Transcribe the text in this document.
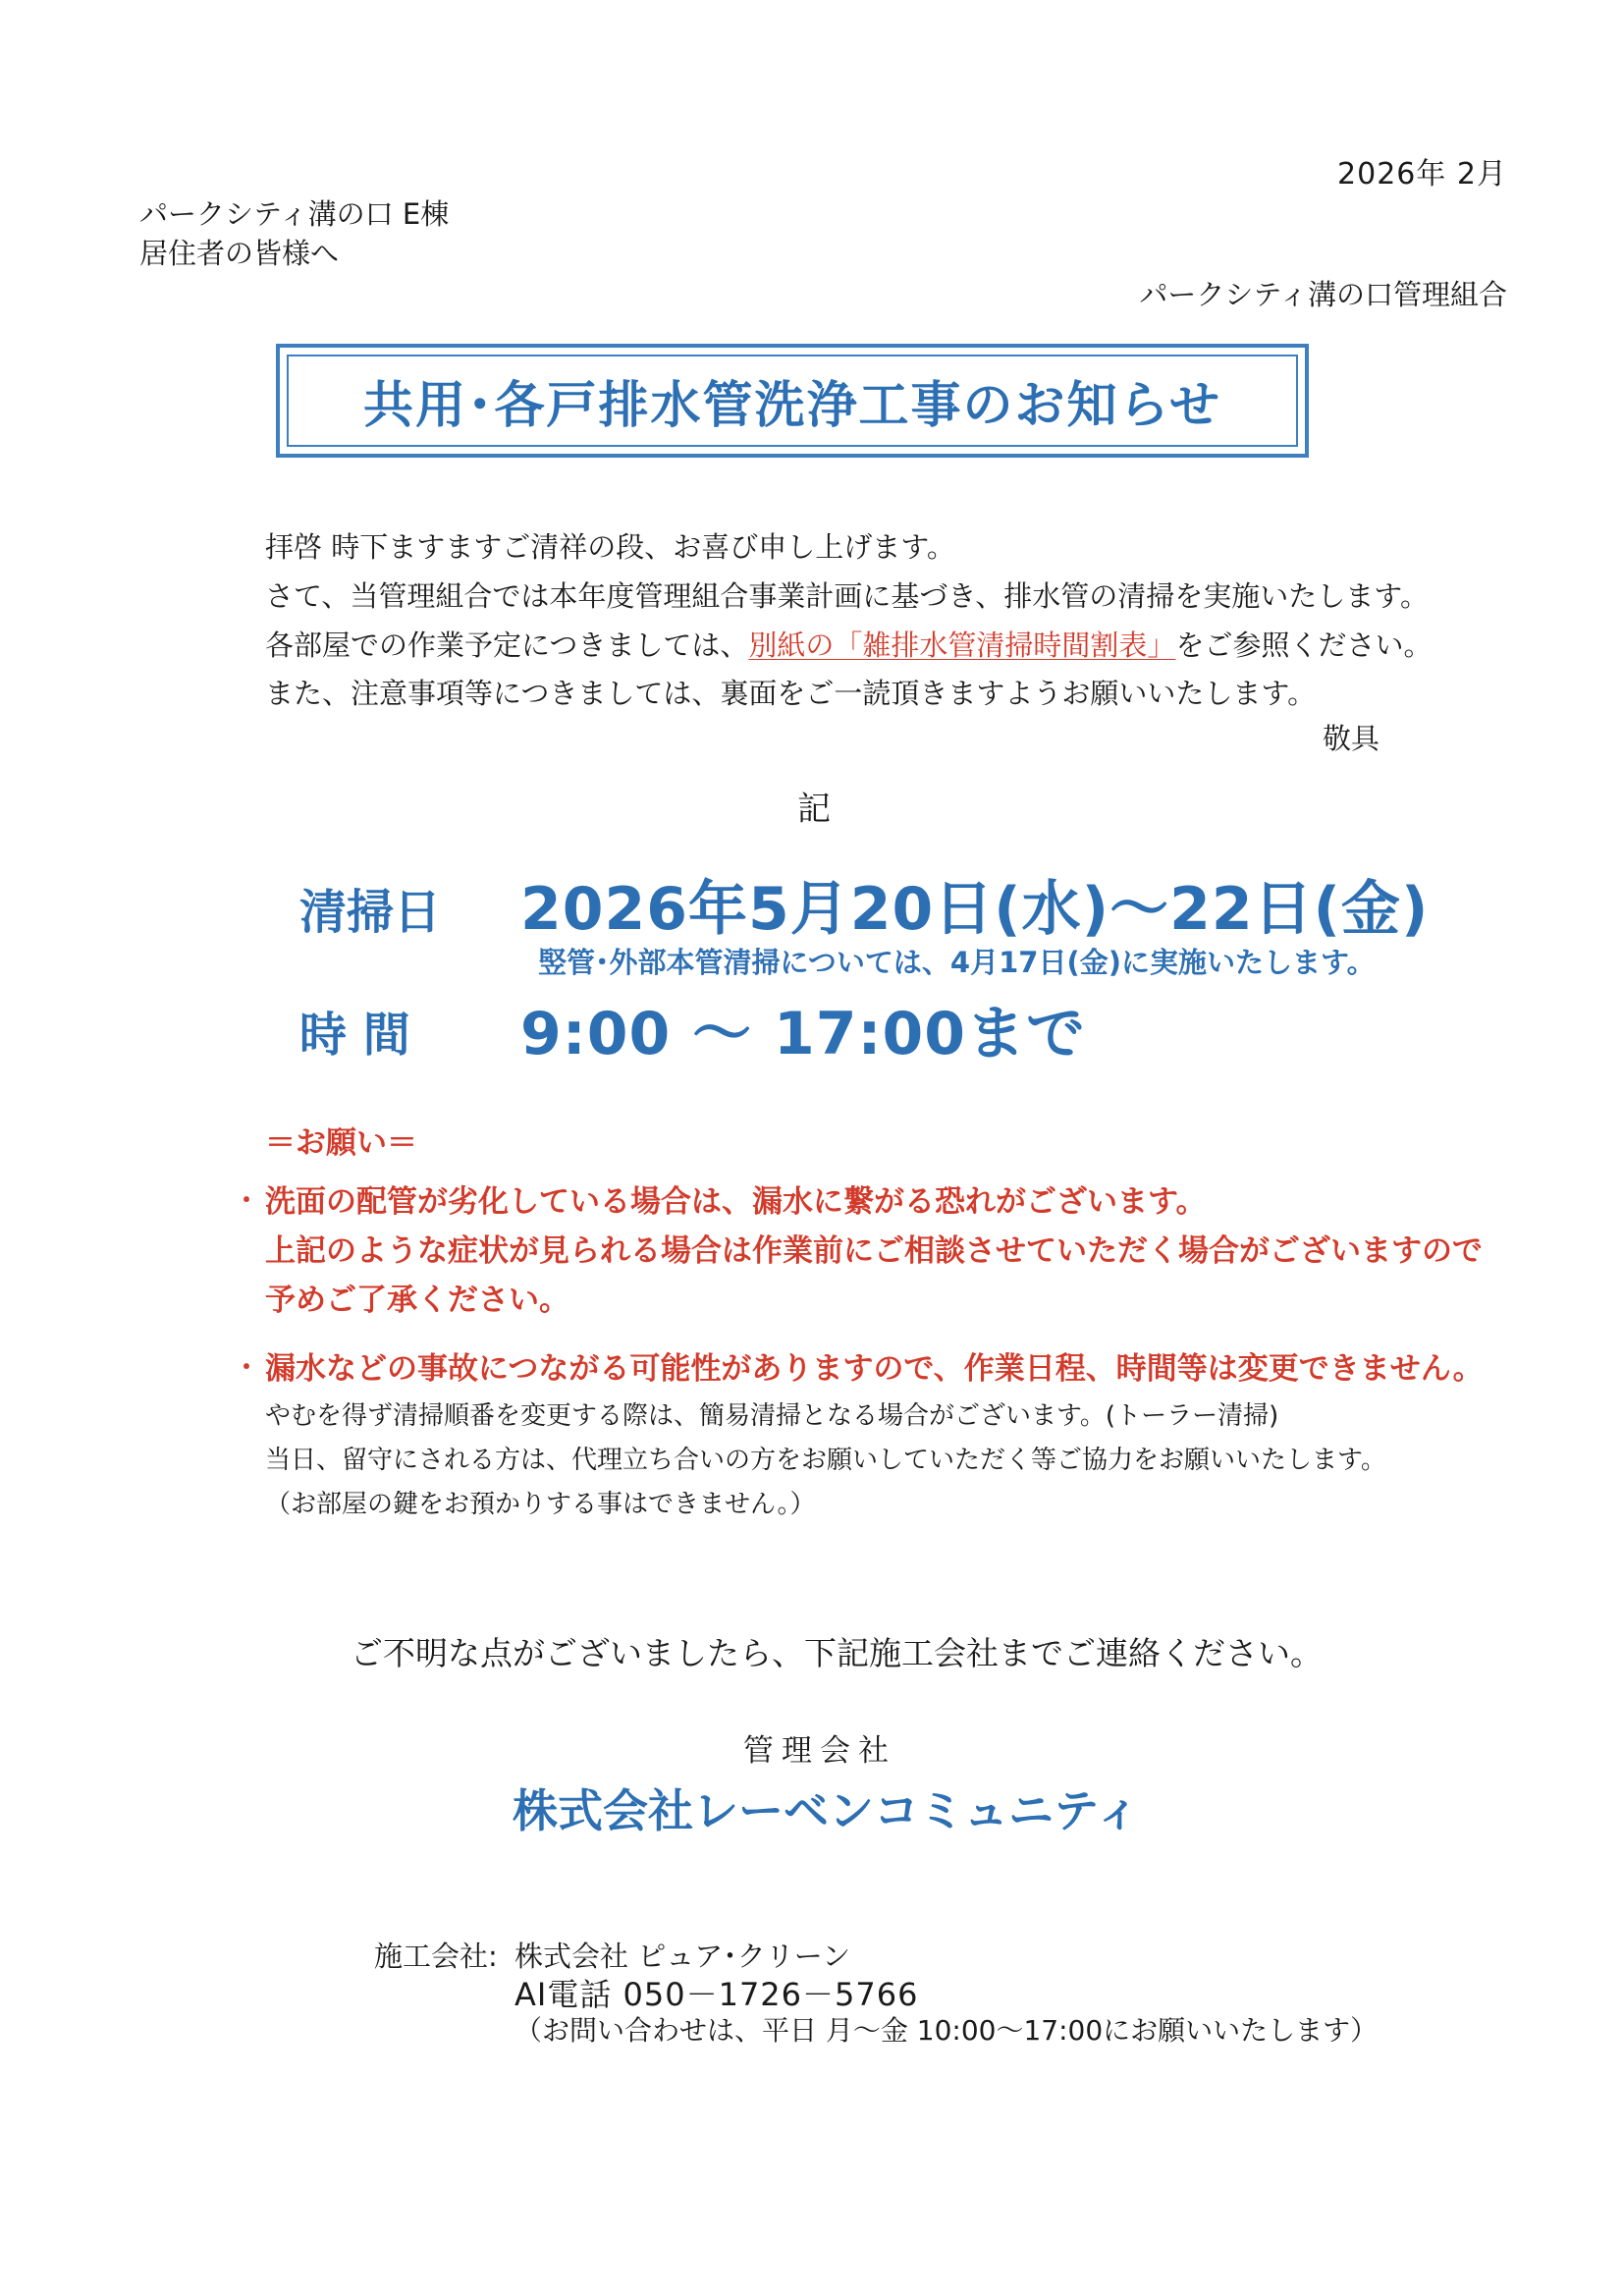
2026年 2月
パークシティ溝の口 E棟
居住者の皆様へ
パークシティ溝の口管理組合
共用･各戸排水管洗浄工事のお知らせ
拝啓 時下ますますご清祥の段、お喜び申し上げます。
さて、当管理組合では本年度管理組合事業計画に基づき、排水管の清掃を実施いたします。
各部屋での作業予定につきましては、別紙の「雑排水管清掃時間割表」をご参照ください。
また、注意事項等につきましては、裏面をご一読頂きますようお願いいたします。
敬具
記
清掃日 2026年5月20日(水)～22日(金)
竪管･外部本管清掃については、4月17日(金)に実施いたします。
時 間 9:00 ～ 17:00まで
＝お願い＝
・ 洗面の配管が劣化している場合は、漏水に繋がる恐れがございます。
上記のような症状が見られる場合は作業前にご相談させていただく場合がございますので
予めご了承ください。
・ 漏水などの事故につながる可能性がありますので、作業日程、時間等は変更できません。
やむを得ず清掃順番を変更する際は、簡易清掃となる場合がございます。(トーラー清掃)
当日、留守にされる方は、代理立ち合いの方をお願いしていただく等ご協力をお願いいたします。
（お部屋の鍵をお預かりする事はできません。）
ご不明な点がございましたら、下記施工会社までご連絡ください。
管理会社
株式会社レーベンコミュニティ
施工会社: 株式会社 ピュア･クリーン
AI電話 050－1726－5766
（お問い合わせは、平日 月～金 10:00～17:00にお願いいたします）
